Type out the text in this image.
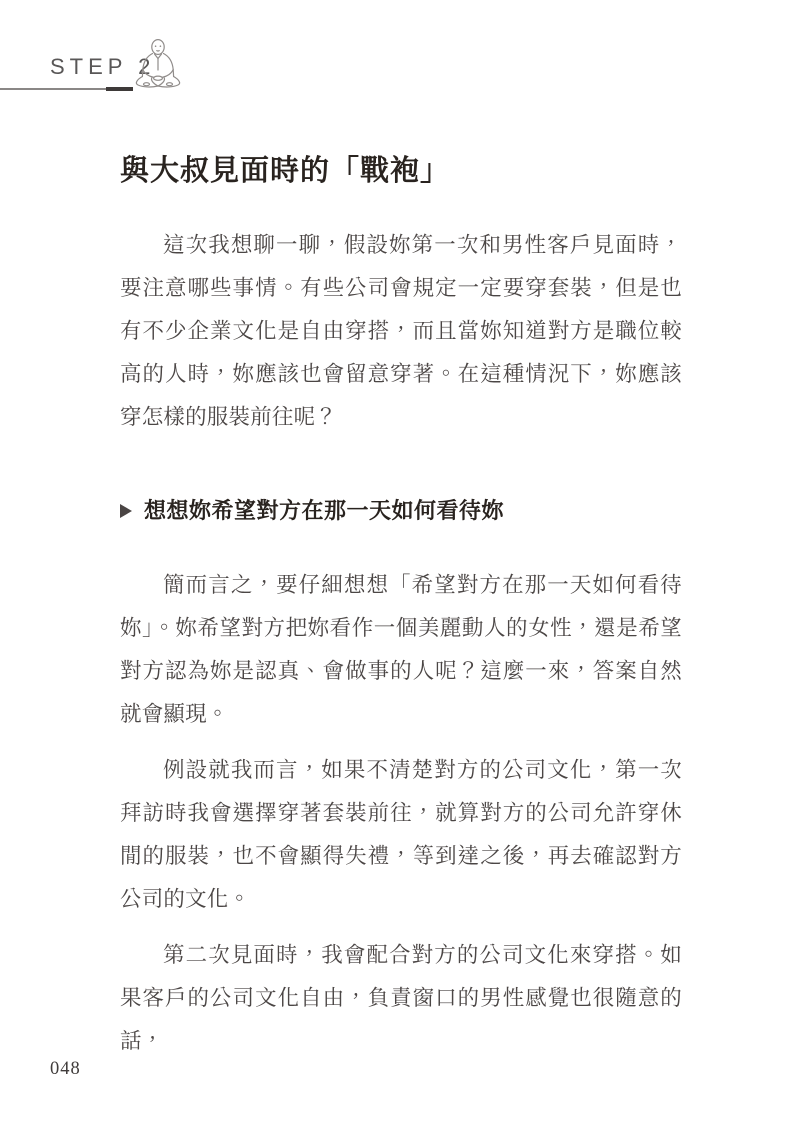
STEP 2
與大叔見面時的「戰袍」

這次我想聊一聊，假設妳第一次和男性客戶見面時，要注意哪些事情。有些公司會規定一定要穿套裝，但是也有不少企業文化是自由穿搭，而且當妳知道對方是職位較高的人時，妳應該也會留意穿著。在這種情況下，妳應該穿怎樣的服裝前往呢？

想想妳希望對方在那一天如何看待妳

簡而言之，要仔細想想「希望對方在那一天如何看待妳」。妳希望對方把妳看作一個美麗動人的女性，還是希望對方認為妳是認真、會做事的人呢？這麼一來，答案自然就會顯現。

例設就我而言，如果不清楚對方的公司文化，第一次拜訪時我會選擇穿著套裝前往，就算對方的公司允許穿休閒的服裝，也不會顯得失禮，等到達之後，再去確認對方公司的文化。

第二次見面時，我會配合對方的公司文化來穿搭。如果客戶的公司文化自由，負責窗口的男性感覺也很隨意的話，

048
